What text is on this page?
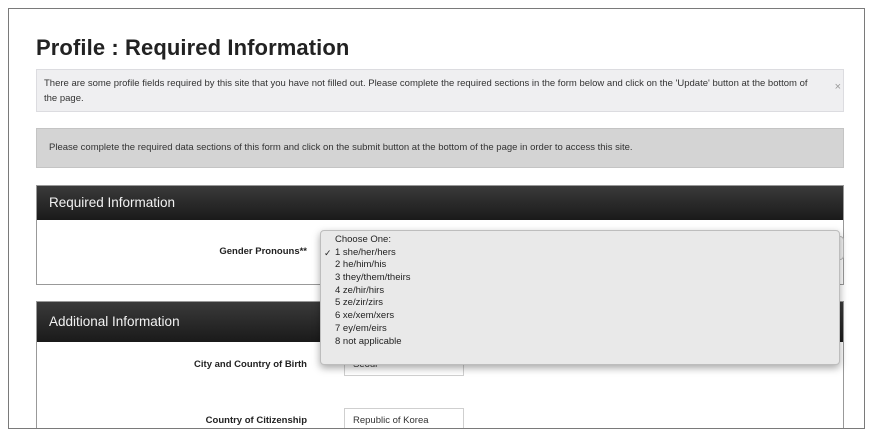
Profile : Required Information
There are some profile fields required by this site that you have not filled out. Please complete the required sections in the form below and click on the 'Update' button at the bottom of the page.
×
Please complete the required data sections of this form and click on the submit button at the bottom of the page in order to access this site.
Required Information
Gender Pronouns**
Additional Information
City and Country of Birth
Seoul
Country of Citizenship
Republic of Korea
Choose One:
✓ 1 she/her/hers
2 he/him/his
3 they/them/theirs
4 ze/hir/hirs
5 ze/zir/zirs
6 xe/xem/xers
7 ey/em/eirs
8 not applicable
